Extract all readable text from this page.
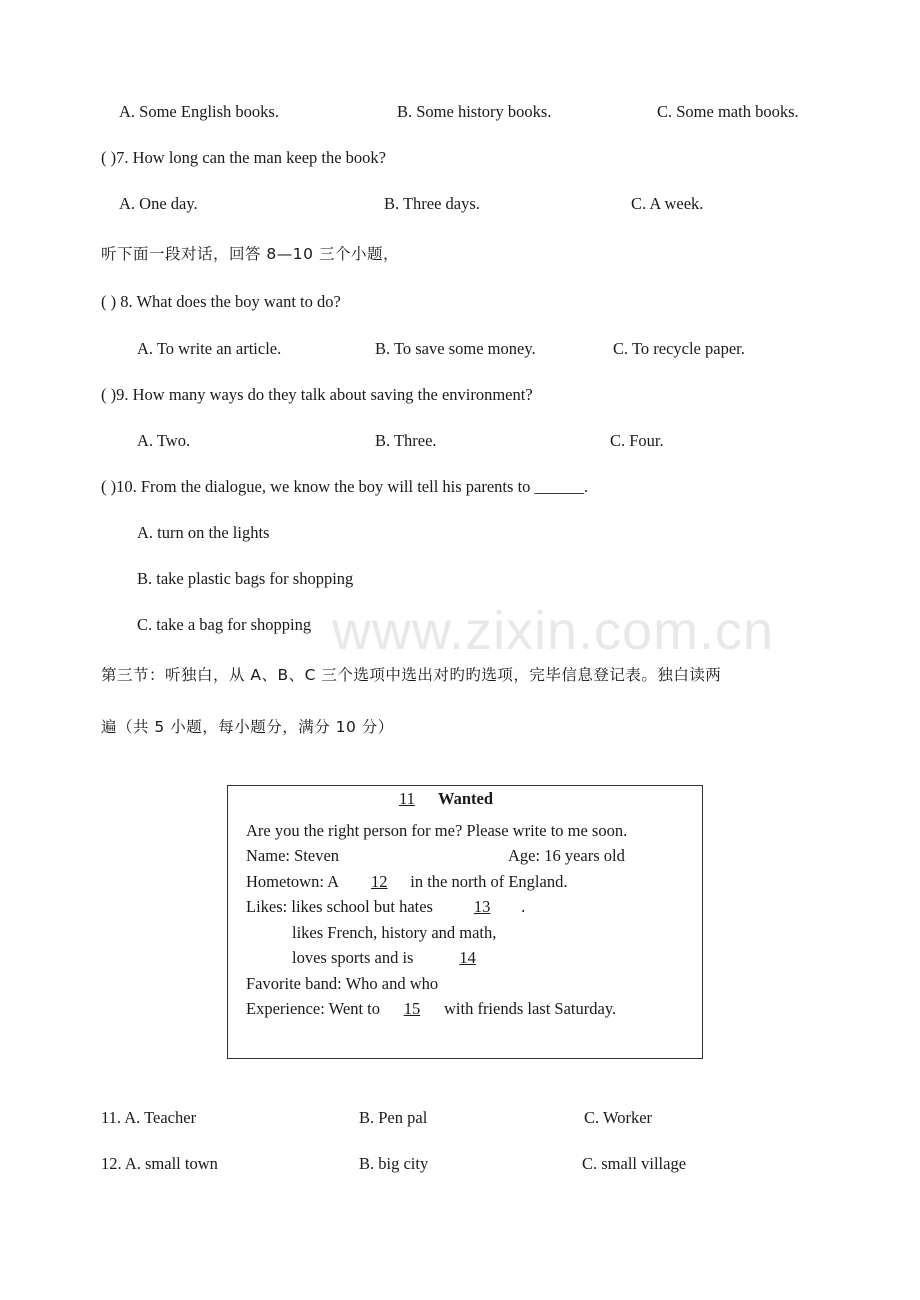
A. Some English books.	B. Some history books.	C. Some math books.
( )7. How long can the man keep the book?
A. One day.	B. Three days.	C. A week.
听下面一段对话，回答 8—10 三个小题，
( ) 8. What does the boy want to do?
A. To write an article.	B. To save some money.	C. To recycle paper.
( )9. How many ways do they talk about saving the environment?
A. Two.	B. Three.	C. Four.
( )10. From the dialogue, we know the boy will tell his parents to ______.
A. turn on the lights
B. take plastic bags for shopping
C. take a bag for shopping www.zixin.com.cn
第三节：听独白，从 A、B、C 三个选项中选出对旳旳选项，完毕信息登记表。独白读两
遍（共 5 小题，每小题分，满分 10 分）
11 Wanted
Are you the right person for me? Please write to me soon.
Name: Steven	Age: 16 years old
Hometown: A 12 in the north of England.
Likes: likes school but hates 13 .
likes French, history and math,
loves sports and is	14
Favorite band: Who and who
Experience: Went to 15 with friends last Saturday.
11. A. Teacher	B. Pen pal	C. Worker
12. A. small town	B. big city	C. small village
